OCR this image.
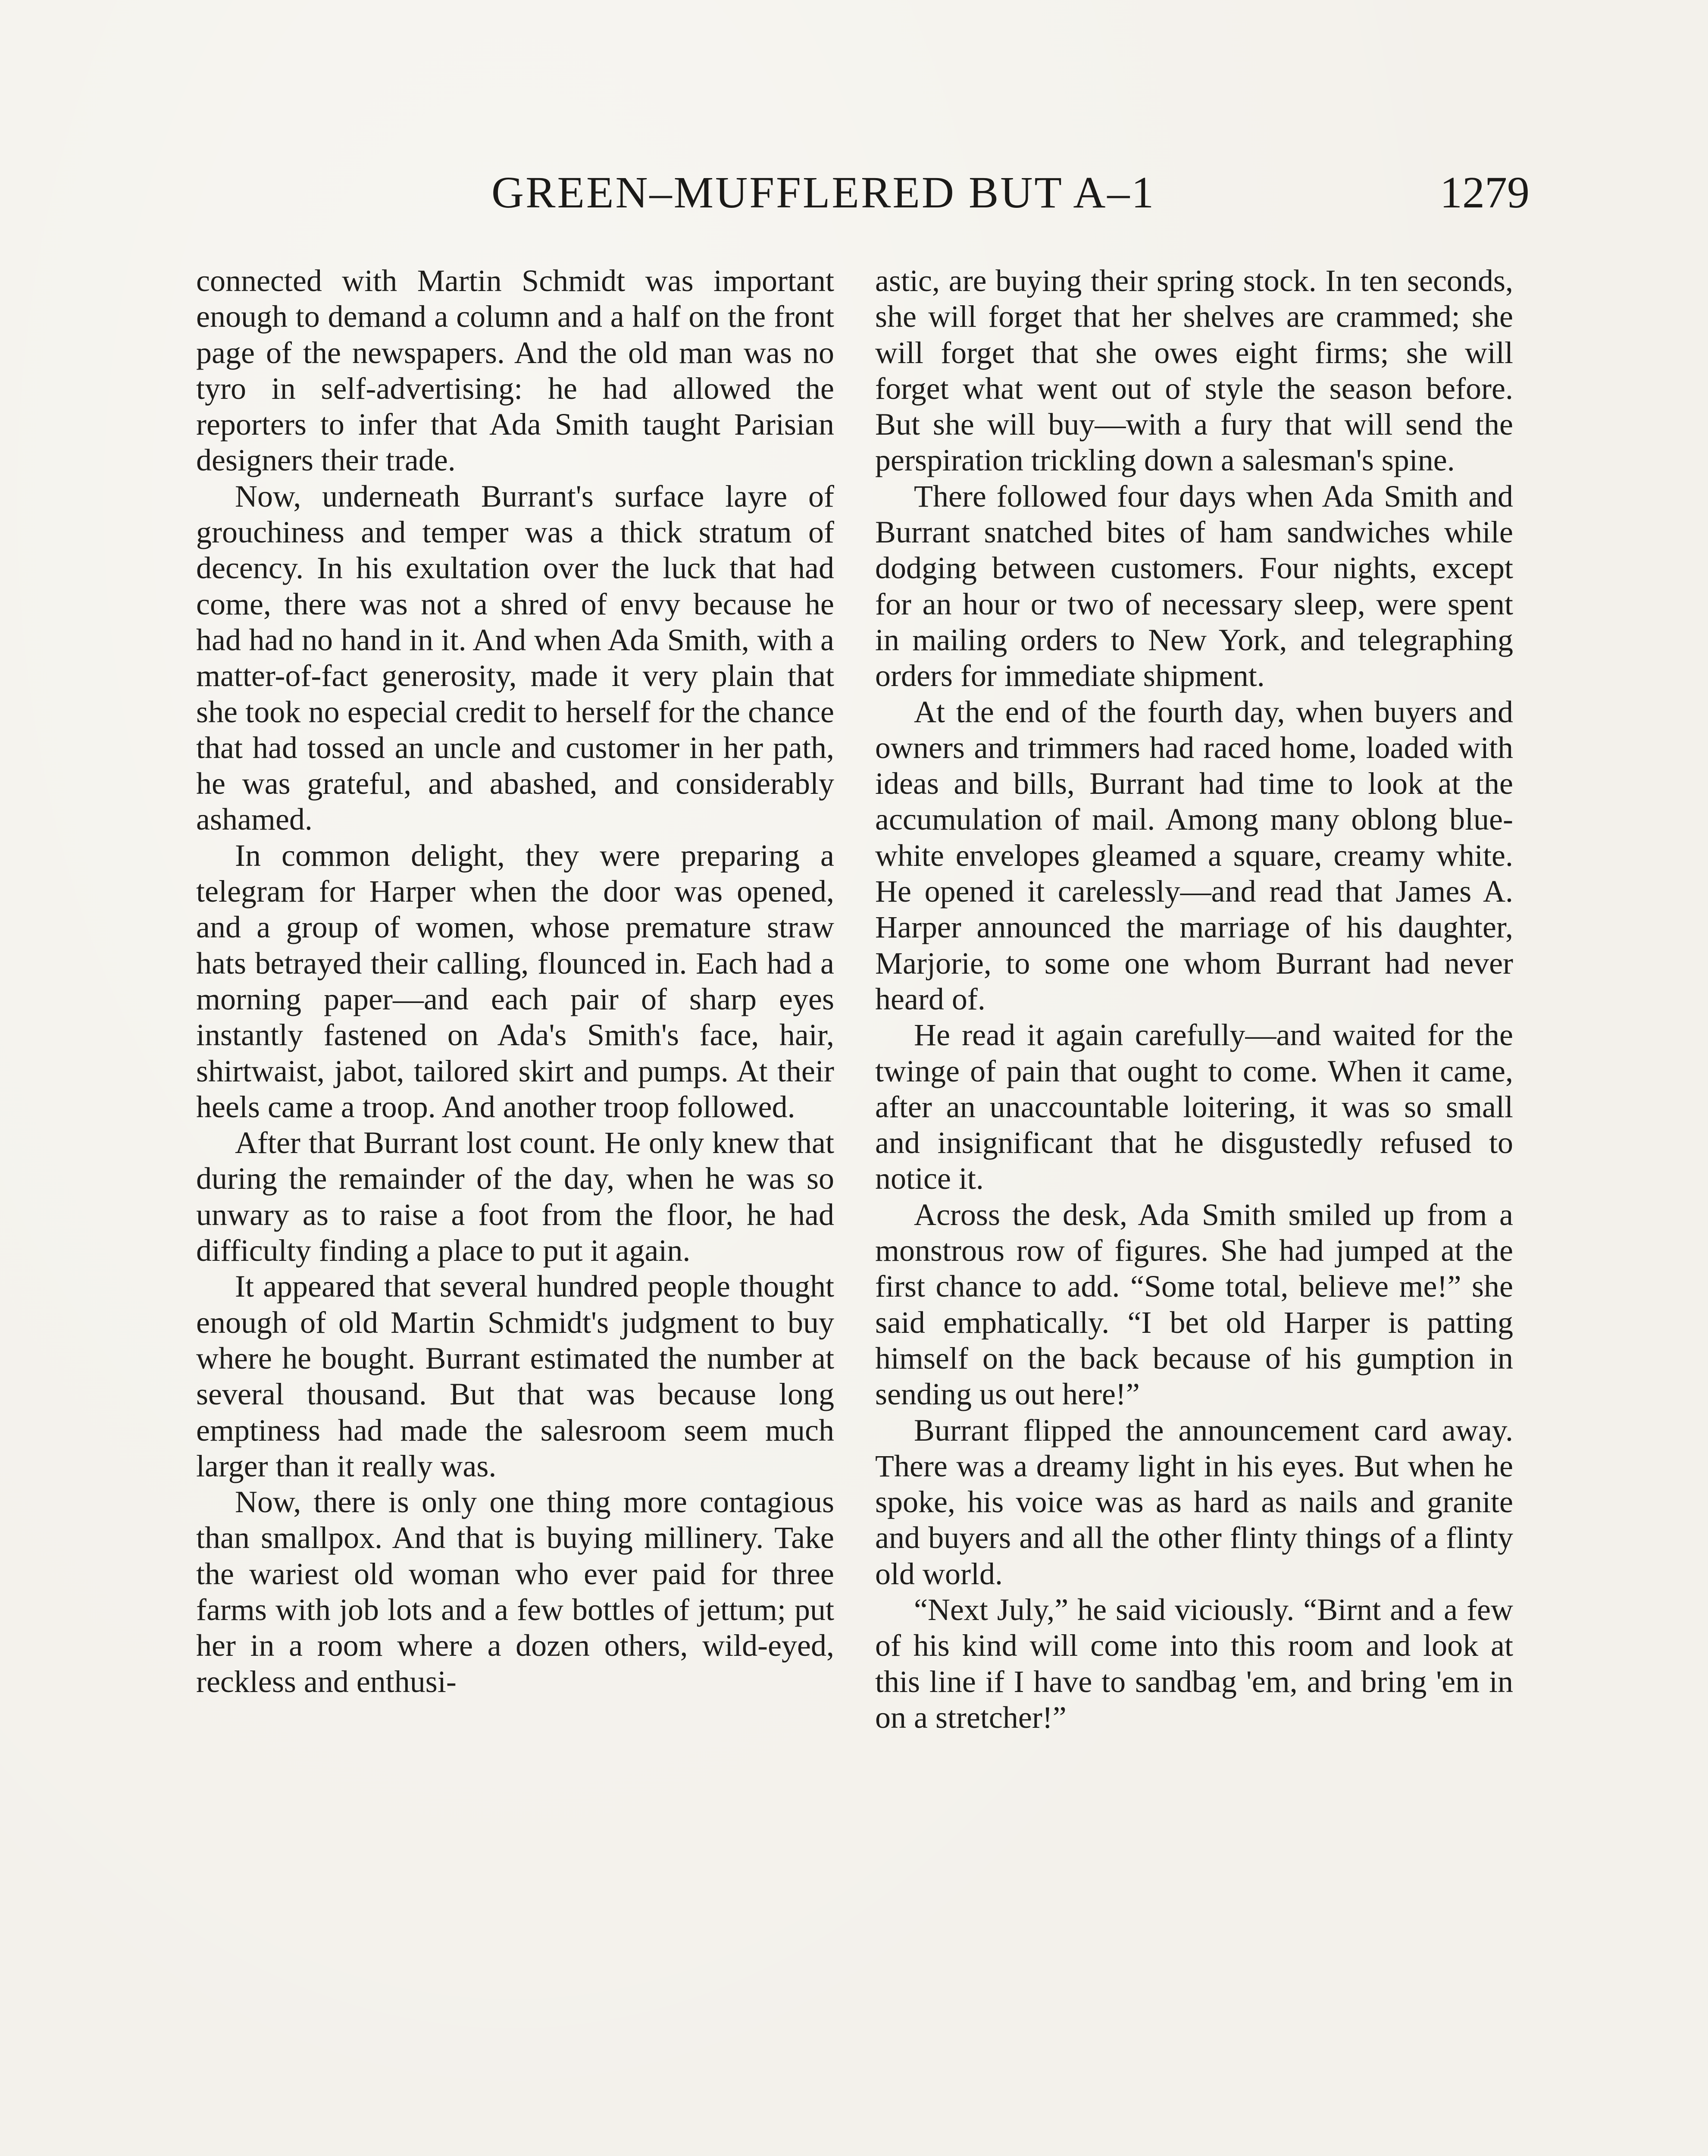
GREEN–MUFFLERED BUT A–1	1279

connected with Martin Schmidt was important enough to demand a column and a half on the front page of the newspapers. And the old man was no tyro in self-advertising: he had allowed the reporters to infer that Ada Smith taught Parisian designers their trade.

Now, underneath Burrant's surface layre of grouchiness and temper was a thick stratum of decency. In his exultation over the luck that had come, there was not a shred of envy because he had had no hand in it. And when Ada Smith, with a matter-of-fact generosity, made it very plain that she took no especial credit to herself for the chance that had tossed an uncle and customer in her path, he was grateful, and abashed, and considerably ashamed.

In common delight, they were preparing a telegram for Harper when the door was opened, and a group of women, whose premature straw hats betrayed their calling, flounced in. Each had a morning paper—and each pair of sharp eyes instantly fastened on Ada's Smith's face, hair, shirtwaist, jabot, tailored skirt and pumps. At their heels came a troop. And another troop followed.

After that Burrant lost count. He only knew that during the remainder of the day, when he was so unwary as to raise a foot from the floor, he had difficulty finding a place to put it again.

It appeared that several hundred people thought enough of old Martin Schmidt's judgment to buy where he bought. Burrant estimated the number at several thousand. But that was because long emptiness had made the salesroom seem much larger than it really was.

Now, there is only one thing more contagious than smallpox. And that is buying millinery. Take the wariest old woman who ever paid for three farms with job lots and a few bottles of jettum; put her in a room where a dozen others, wild-eyed, reckless and enthusi-

astic, are buying their spring stock. In ten seconds, she will forget that her shelves are crammed; she will forget that she owes eight firms; she will forget what went out of style the season before. But she will buy—with a fury that will send the perspiration trickling down a salesman's spine.

There followed four days when Ada Smith and Burrant snatched bites of ham sandwiches while dodging between customers. Four nights, except for an hour or two of necessary sleep, were spent in mailing orders to New York, and telegraphing orders for immediate shipment.

At the end of the fourth day, when buyers and owners and trimmers had raced home, loaded with ideas and bills, Burrant had time to look at the accumulation of mail. Among many oblong blue-white envelopes gleamed a square, creamy white. He opened it carelessly—and read that James A. Harper announced the marriage of his daughter, Marjorie, to some one whom Burrant had never heard of.

He read it again carefully—and waited for the twinge of pain that ought to come. When it came, after an unaccountable loitering, it was so small and insignificant that he disgustedly refused to notice it.

Across the desk, Ada Smith smiled up from a monstrous row of figures. She had jumped at the first chance to add. “Some total, believe me!” she said emphatically. “I bet old Harper is patting himself on the back because of his gumption in sending us out here!”

Burrant flipped the announcement card away. There was a dreamy light in his eyes. But when he spoke, his voice was as hard as nails and granite and buyers and all the other flinty things of a flinty old world.

“Next July,” he said viciously. “Birnt and a few of his kind will come into this room and look at this line if I have to sandbag 'em, and bring 'em in on a stretcher!”
